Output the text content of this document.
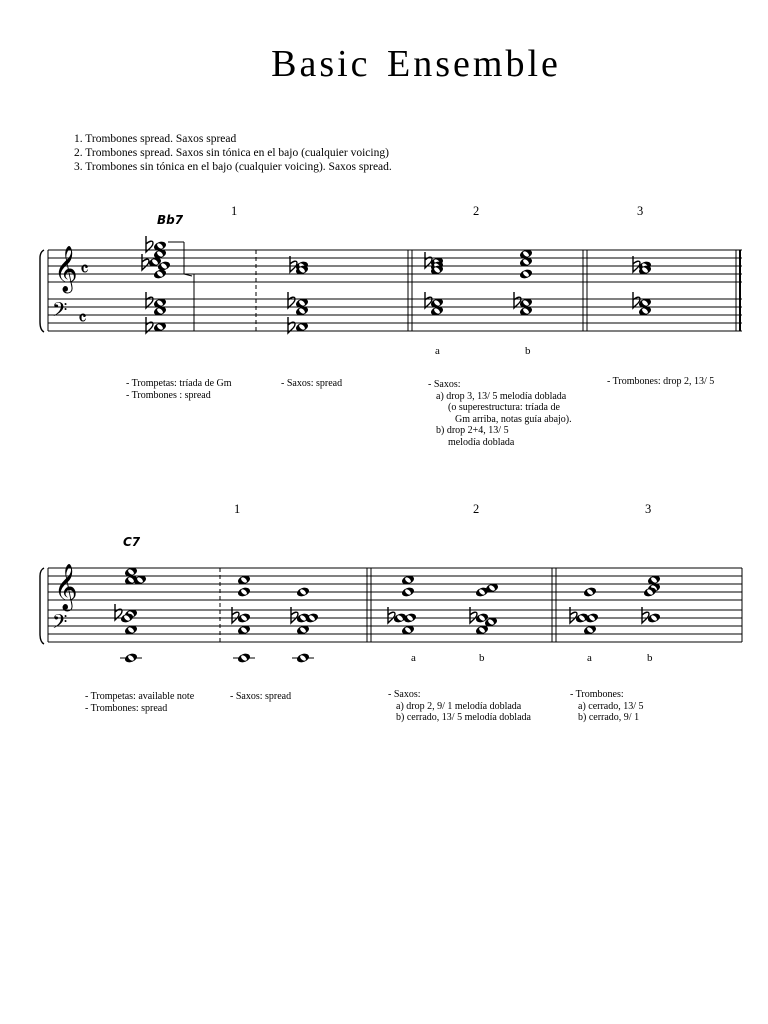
Basic Ensemble
1. Trombones spread. Saxos spread
2. Trombones spread. Saxos sin tónica en el bajo (cualquier voicing)
3. Trombones sin tónica en el bajo (cualquier voicing). Saxos spread.
1	2	3
Bb7
a	b
- Trompetas: tríada de Gm
- Trombones : spread
- Saxos: spread	- Saxos:
a) drop 3, 13/ 5 melodía doblada
(o superestructura: tríada de
Gm arriba, notas guía abajo).
b) drop 2+4, 13/ 5
melodía doblada
- Trombones: drop 2, 13/ 5
1	2	3
C7
a	b	a	b
- Trompetas: available note
- Trombones: spread
- Saxos: spread	- Saxos:
a) drop 2, 9/ 1 melodía doblada
b) cerrado, 13/ 5 melodía doblada
- Trombones:
a) cerrado, 13/ 5
b) cerrado, 9/ 1
𝄞
𝄢
𝄴
𝄴
𝄞
𝄢
